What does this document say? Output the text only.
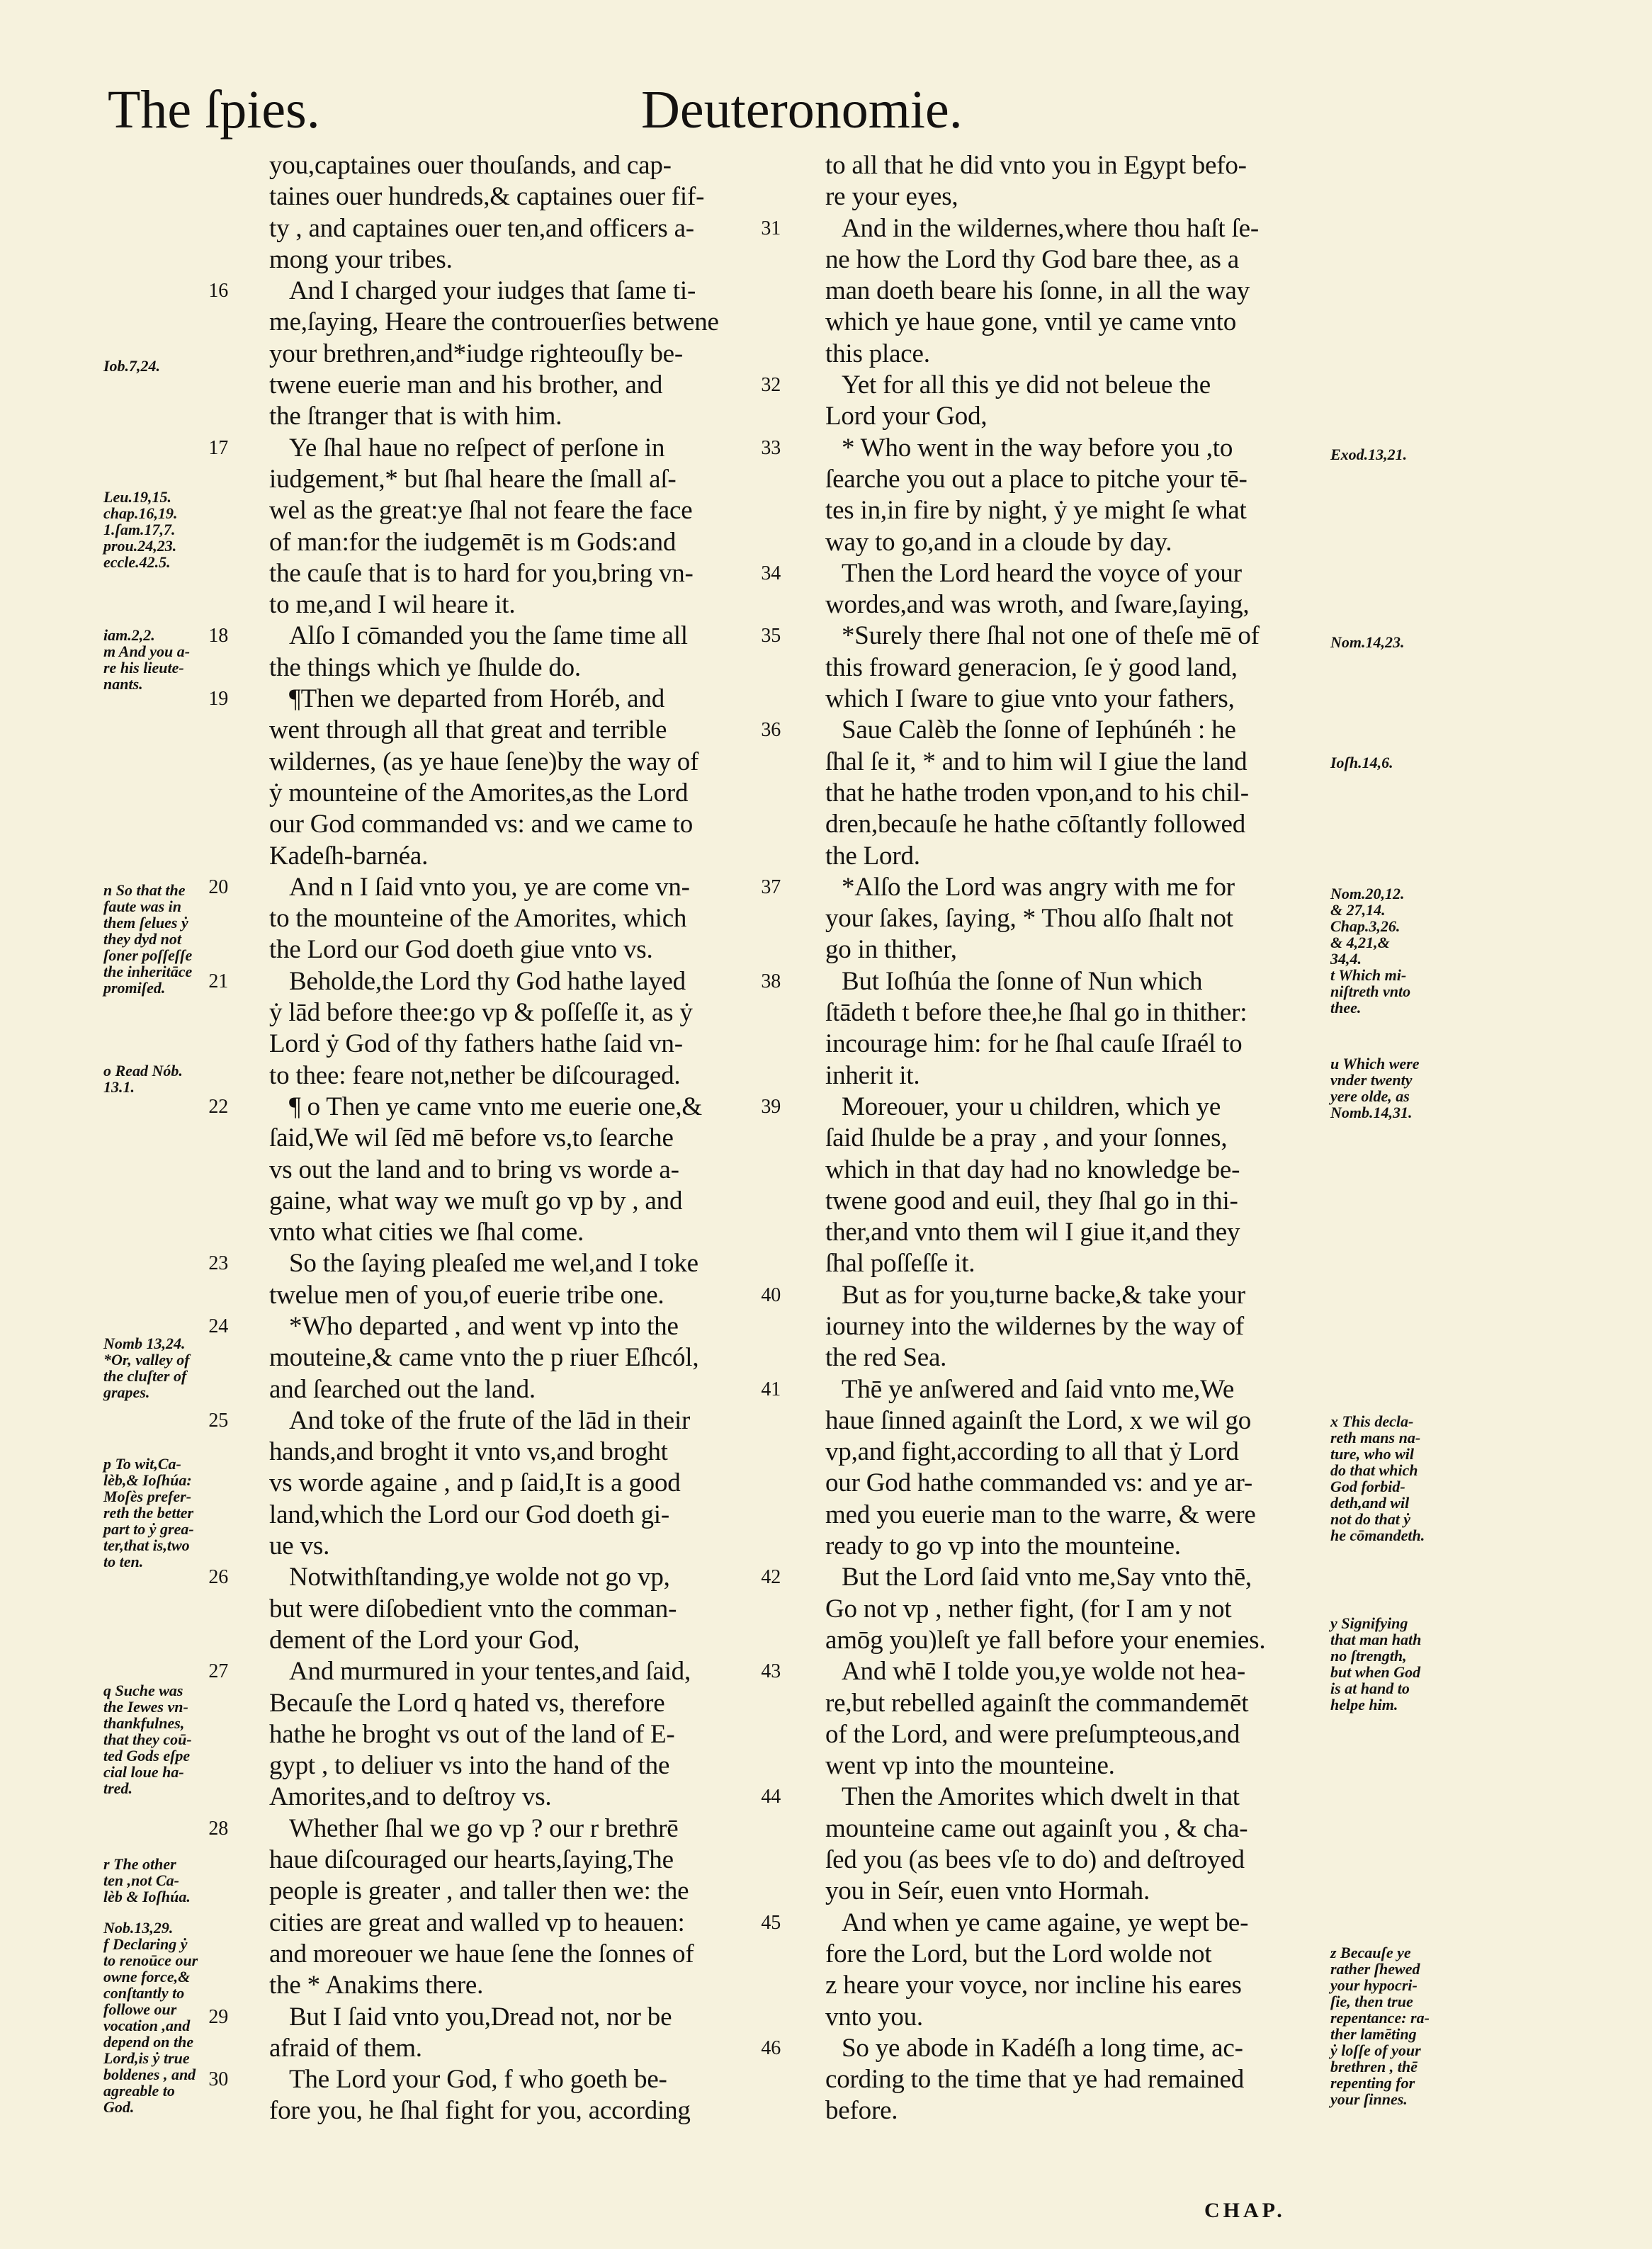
The ſpies.	Deuteronomie.
you,captaines ouer thouſands, and cap-
taines ouer hundreds,& captaines ouer fif-
ty , and captaines ouer ten,and officers a-
mong your tribes.
16 And I charged your iudges that ſame ti-
me,ſaying, Heare the controuerſies betwene
your brethren,and*iudge righteouſly be-
twene euerie man and his brother, and
the ſtranger that is with him.
17 Ye ſhal haue no reſpect of perſone in
iudgement,* but ſhal heare the ſmall aſ-
wel as the great:ye ſhal not feare the face
of man:for the iudgemēt is m Gods:and
the cauſe that is to hard for you,bring vn-
to me,and I wil heare it.
18 Alſo I cōmanded you the ſame time all
the things which ye ſhulde do.
19 ¶Then we departed from Horéb, and
went through all that great and terrible
wildernes, (as ye haue ſene)by the way of
ẏ mounteine of the Amorites,as the Lord
our God commanded vs: and we came to
Kadeſh-barnéa.
20 And n I ſaid vnto you, ye are come vn-
to the mounteine of the Amorites, which
the Lord our God doeth giue vnto vs.
21 Beholde,the Lord thy God hathe layed
ẏ lād before thee:go vp & poſſeſſe it, as ẏ
Lord ẏ God of thy fathers hathe ſaid vn-
to thee: feare not,nether be diſcouraged.
22 ¶ o Then ye came vnto me euerie one,&
ſaid,We wil ſēd mē before vs,to ſearche
vs out the land and to bring vs worde a-
gaine, what way we muſt go vp by , and
vnto what cities we ſhal come.
23 So the ſaying pleaſed me wel,and I toke
twelue men of you,of euerie tribe one.
24 *Who departed , and went vp into the
mouteine,& came vnto the p riuer Eſhcól,
and ſearched out the land.
25 And toke of the frute of the lād in their
hands,and broght it vnto vs,and broght
vs worde againe , and p ſaid,It is a good
land,which the Lord our God doeth gi-
ue vs.
26 Notwithſtanding,ye wolde not go vp,
but were diſobedient vnto the comman-
dement of the Lord your God,
27 And murmured in your tentes,and ſaid,
Becauſe the Lord q hated vs, therefore
hathe he broght vs out of the land of E-
gypt , to deliuer vs into the hand of the
Amorites,and to deſtroy vs.
28 Whether ſhal we go vp ? our r brethrē
haue diſcouraged our hearts,ſaying,The
people is greater , and taller then we: the
cities are great and walled vp to heauen:
and moreouer we haue ſene the ſonnes of
the * Anakims there.
29 But I ſaid vnto you,Dread not, nor be
afraid of them.
30 The Lord your God, f who goeth be-
fore you, he ſhal fight for you, according
to all that he did vnto you in Egypt befo-
re your eyes,
31 And in the wildernes,where thou haſt ſe-
ne how the Lord thy God bare thee, as a
man doeth beare his ſonne, in all the way
which ye haue gone, vntil ye came vnto
this place.
32 Yet for all this ye did not beleue the
Lord your God,
33 * Who went in the way before you ,to
ſearche you out a place to pitche your tē-
tes in,in fire by night, ẏ ye might ſe what
way to go,and in a cloude by day.
34 Then the Lord heard the voyce of your
wordes,and was wroth, and ſware,ſaying,
35 *Surely there ſhal not one of theſe mē of
this froward generacion, ſe ẏ good land,
which I ſware to giue vnto your fathers,
36 Saue Calèb the ſonne of Iephúnéh : he
ſhal ſe it, * and to him wil I giue the land
that he hathe troden vpon,and to his chil-
dren,becauſe he hathe cōſtantly followed
the Lord.
37 *Alſo the Lord was angry with me for
your ſakes, ſaying, * Thou alſo ſhalt not
go in thither,
38 But Ioſhúa the ſonne of Nun which
ſtādeth t before thee,he ſhal go in thither:
incourage him: for he ſhal cauſe Iſraél to
inherit it.
39 Moreouer, your u children, which ye
ſaid ſhulde be a pray , and your ſonnes,
which in that day had no knowledge be-
twene good and euil, they ſhal go in thi-
ther,and vnto them wil I giue it,and they
ſhal poſſeſſe it.
40 But as for you,turne backe,& take your
iourney into the wildernes by the way of
the red Sea.
41 Thē ye anſwered and ſaid vnto me,We
haue ſinned againſt the Lord, x we wil go
vp,and fight,according to all that ẏ Lord
our God hathe commanded vs: and ye ar-
med you euerie man to the warre, & were
ready to go vp into the mounteine.
42 But the Lord ſaid vnto me,Say vnto thē,
Go not vp , nether fight, (for I am y not
amōg you)leſt ye fall before your enemies.
43 And whē I tolde you,ye wolde not hea-
re,but rebelled againſt the commandemēt
of the Lord, and were preſumpteous,and
went vp into the mounteine.
44 Then the Amorites which dwelt in that
mounteine came out againſt you , & cha-
ſed you (as bees vſe to do) and deſtroyed
you in Seír, euen vnto Hormah.
45 And when ye came againe, ye wept be-
fore the Lord, but the Lord wolde not
z heare your voyce, nor incline his eares
vnto you.
46 So ye abode in Kadéſh a long time, ac-
cording to the time that ye had remained
before.
Iob.7,24.
Leu.19,15.
chap.16,19.
1.ſam.17,7.
prou.24,23.
eccle.42.5.
iam.2,2.
m And you a-
re his lieute-
nants.
n So that the
faute was in
them ſelues ẏ
they dyd not
ſoner poſſeſſe
the inheritāce
promiſed.
o Read Nób.
13.1.
Nomb 13,24.
*Or, valley of
the cluſter of
grapes.
p To wit,Ca-
lèb,& Ioſhúa:
Moſès prefer-
reth the better
part to ẏ grea-
ter,that is,two
to ten.
q Suche was
the Iewes vn-
thankfulnes,
that they coū-
ted Gods eſpe
cial loue ha-
tred.
r The other
ten ,not Ca-
lèb & Ioſhúa.
Nob.13,29.
f Declaring ẏ
to renoūce our
owne force,&
conſtantly to
followe our
vocation ,and
depend on the
Lord,is ẏ true
boldenes , and
agreable to
God.
Exod.13,21.
Nom.14,23.
Ioſh.14,6.
Nom.20,12.
& 27,14.
Chap.3,26.
& 4,21,&
34,4.
t Which mi-
niſtreth vnto
thee.
u Which were
vnder twenty
yere olde, as
Nomb.14,31.
x This decla-
reth mans na-
ture, who wil
do that which
God forbid-
deth,and wil
not do that ẏ
he cōmandeth.
y Signifying
that man hath
no ſtrength,
but when God
is at hand to
helpe him.
z Becauſe ye
rather ſhewed
your hypocri-
ſie, then true
repentance: ra-
ther lamēting
ẏ loſſe of your
brethren , thē
repenting for
your ſinnes.
CHAP.
